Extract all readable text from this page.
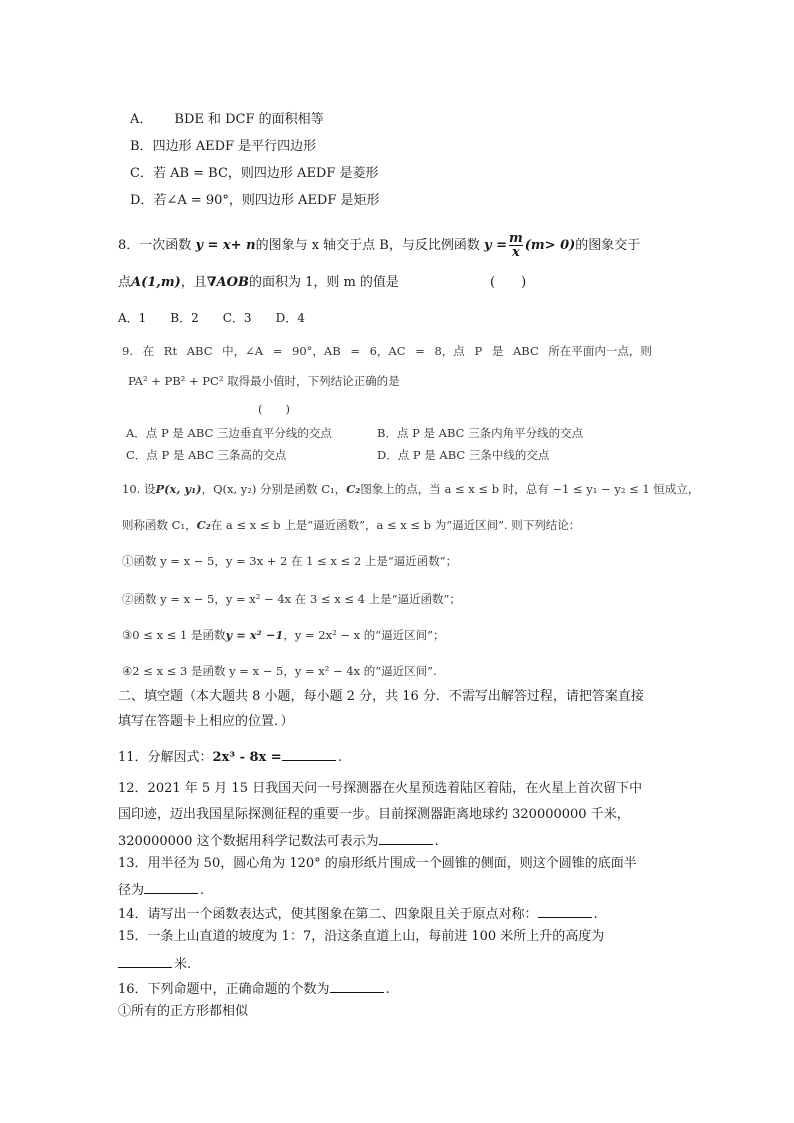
A． BDE 和 DCF 的面积相等
B．四边形 AEDF 是平行四边形
C．若 AB = BC，则四边形 AEDF 是菱形
D．若∠A = 90°，则四边形 AEDF 是矩形
8．一次函数 y = x+ n的图象与 x 轴交于点 B，与反比例函数 $y = \frac{m}{x} (m> 0)$的图象交于
点A(1,m)，且∇AOB的面积为 1，则 m 的值是	(　　)
A．1　　B．2　　C．3　　D．4
9. 在 Rt ABC 中，∠A = 90°，AB = 6，AC = 8，点 P 是 ABC 所在平面内一点，则
PA² + PB² + PC² 取得最小值时，下列结论正确的是
(　　)
A．点 P 是 ABC 三边垂直平分线的交点	B．点 P 是 ABC 三条内角平分线的交点
C．点 P 是 ABC 三条高的交点	D．点 P 是 ABC 三条中线的交点
10. 设P(x, y₁)，Q(x, y₂) 分别是函数 C₁，C₂图象上的点，当 a ≤ x ≤ b 时，总有 −1 ≤ y₁ − y₂ ≤ 1 恒成立，
则称函数 C₁，C₂在 a ≤ x ≤ b 上是“逼近函数”，a ≤ x ≤ b 为“逼近区间”. 则下列结论：
①函数 y = x − 5，y = 3x + 2 在 1 ≤ x ≤ 2 上是“逼近函数”；
②函数 y = x − 5，y = x² − 4x 在 3 ≤ x ≤ 4 上是“逼近函数”；
③0 ≤ x ≤ 1 是函数y = x² −1，y = 2x² − x 的“逼近区间”；
④2 ≤ x ≤ 3 是函数 y = x − 5，y = x² − 4x 的“逼近区间”.
二、填空题（本大题共 8 小题，每小题 2 分，共 16 分．不需写出解答过程，请把答案直接
填写在答题卡上相应的位置．）
11．分解因式：2x³ - 8x =	.
12．2021 年 5 月 15 日我国天问一号探测器在火星预选着陆区着陆，在火星上首次留下中
国印迹，迈出我国星际探测征程的重要一步。目前探测器距离地球约 320000000 千米，
320000000 这个数据用科学记数法可表示为	.
13．用半径为 50，圆心角为 120° 的扇形纸片围成一个圆锥的侧面，则这个圆锥的底面半
径为	.
14．请写出一个函数表达式，使其图象在第二、四象限且关于原点对称：	.
15．一条上山直道的坡度为 1：7，沿这条直道上山，每前进 100 米所上升的高度为
米.
16．下列命题中，正确命题的个数为	.
①所有的正方形都相似
